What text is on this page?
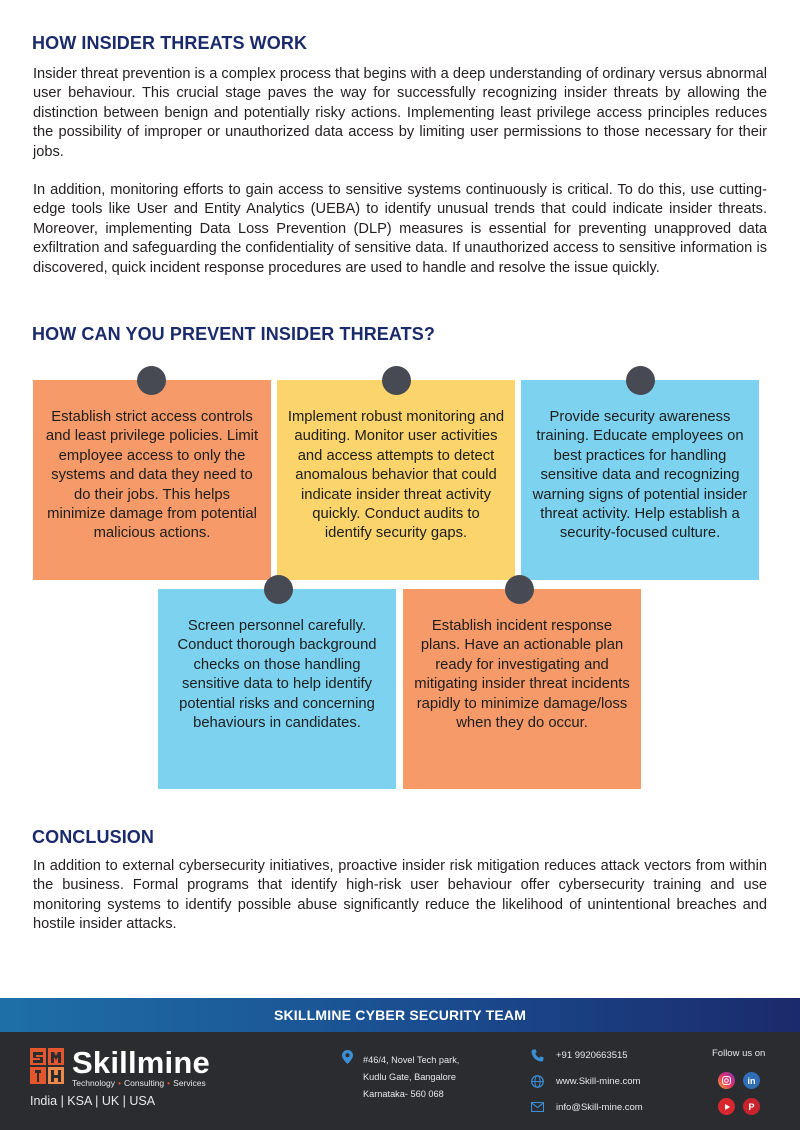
HOW INSIDER THREATS WORK

Insider threat prevention is a complex process that begins with a deep understanding of ordinary versus abnormal user behaviour. This crucial stage paves the way for successfully recognizing insider threats by allowing the distinction between benign and potentially risky actions. Implementing least privilege access principles reduces the possibility of improper or unauthorized data access by limiting user permissions to those necessary for their jobs.

In addition, monitoring efforts to gain access to sensitive systems continuously is critical. To do this, use cutting-edge tools like User and Entity Analytics (UEBA) to identify unusual trends that could indicate insider threats. Moreover, implementing Data Loss Prevention (DLP) measures is essential for preventing unapproved data exfiltration and safeguarding the confidentiality of sensitive data. If unauthorized access to sensitive information is discovered, quick incident response procedures are used to handle and resolve the issue quickly.

HOW CAN YOU PREVENT INSIDER THREATS?
Establish strict access controls and least privilege policies. Limit employee access to only the systems and data they need to do their jobs. This helps minimize damage from potential malicious actions.
Implement robust monitoring and auditing. Monitor user activities and access attempts to detect anomalous behavior that could indicate insider threat activity quickly. Conduct audits to identify security gaps.
Provide security awareness training. Educate employees on best practices for handling sensitive data and recognizing warning signs of potential insider threat activity. Help establish a security-focused culture.
Screen personnel carefully. Conduct thorough background checks on those handling sensitive data to help identify potential risks and concerning behaviours in candidates.
Establish incident response plans. Have an actionable plan ready for investigating and mitigating insider threat incidents rapidly to minimize damage/loss when they do occur.
CONCLUSION

In addition to external cybersecurity initiatives, proactive insider risk mitigation reduces attack vectors from within the business. Formal programs that identify high-risk user behaviour offer cybersecurity training and use monitoring systems to identify possible abuse significantly reduce the likelihood of unintentional breaches and hostile insider attacks.

SKILLMINE CYBER SECURITY TEAM
Skillmine
Technology • Consulting • Services
India | KSA | UK | USA
#46/4, Novel Tech park,
Kudlu Gate, Bangalore
Karnataka- 560 068
+91 9920663515
www.Skill-mine.com
info@Skill-mine.com
Follow us on
in
P
